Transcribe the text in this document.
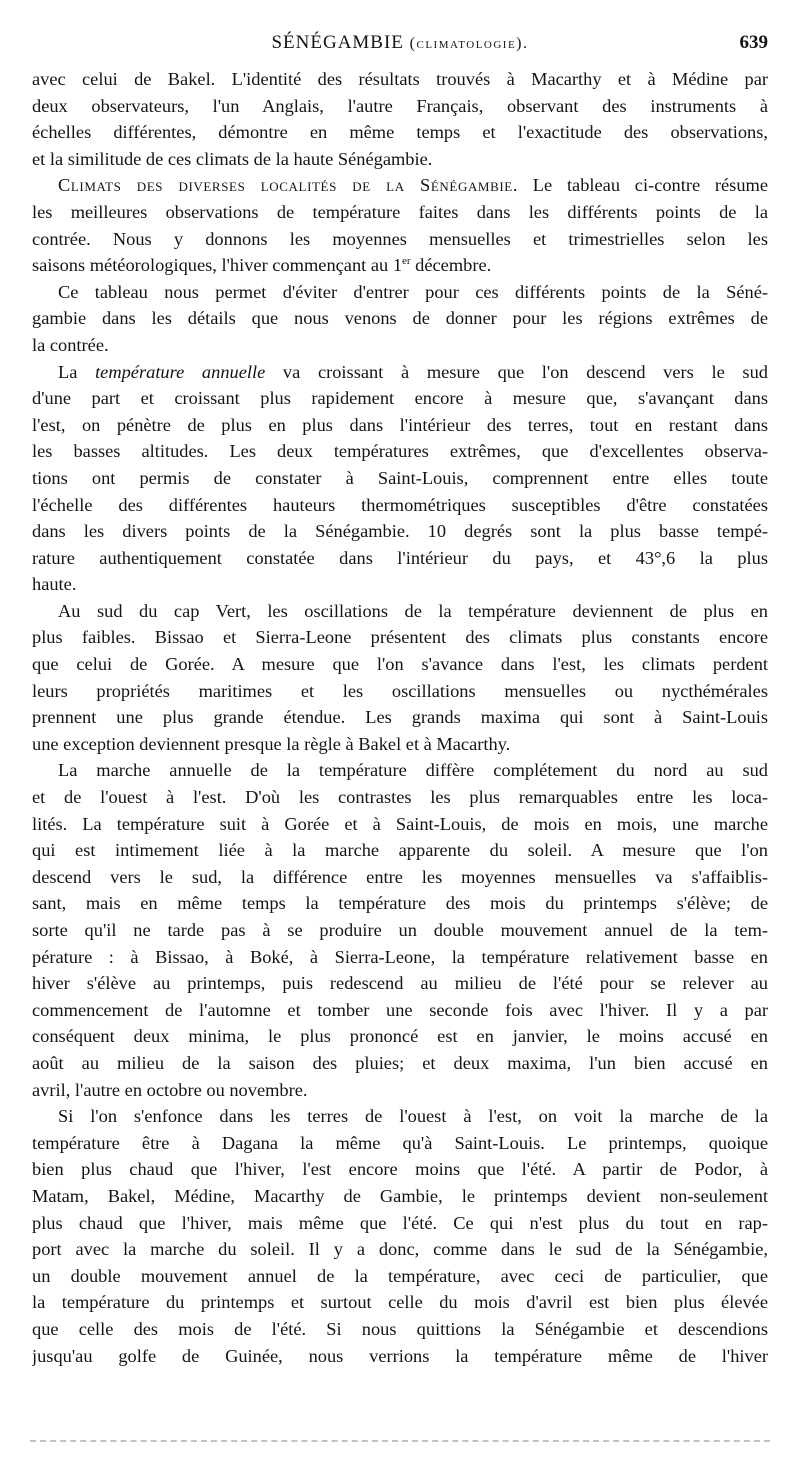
SÉNÉGAMBIE (climatologie).	639
avec celui de Bakel. L'identité des résultats trouvés à Macarthy et à Médine par
deux observateurs, l'un Anglais, l'autre Français, observant des instruments à
échelles différentes, démontre en même temps et l'exactitude des observations,
et la similitude de ces climats de la haute Sénégambie.
Climats des diverses localités de la Sénégambie. Le tableau ci-contre résume
les meilleures observations de température faites dans les différents points de la
contrée. Nous y donnons les moyennes mensuelles et trimestrielles selon les
saisons météorologiques, l'hiver commençant au 1er décembre.
Ce tableau nous permet d'éviter d'entrer pour ces différents points de la Séné-
gambie dans les détails que nous venons de donner pour les régions extrêmes de
la contrée.
La température annuelle va croissant à mesure que l'on descend vers le sud
d'une part et croissant plus rapidement encore à mesure que, s'avançant dans
l'est, on pénètre de plus en plus dans l'intérieur des terres, tout en restant dans
les basses altitudes. Les deux températures extrêmes, que d'excellentes observa-
tions ont permis de constater à Saint-Louis, comprennent entre elles toute
l'échelle des différentes hauteurs thermométriques susceptibles d'être constatées
dans les divers points de la Sénégambie. 10 degrés sont la plus basse tempé-
rature authentiquement constatée dans l'intérieur du pays, et 43°,6 la plus
haute.
Au sud du cap Vert, les oscillations de la température deviennent de plus en
plus faibles. Bissao et Sierra-Leone présentent des climats plus constants encore
que celui de Gorée. A mesure que l'on s'avance dans l'est, les climats perdent
leurs propriétés maritimes et les oscillations mensuelles ou nycthémérales
prennent une plus grande étendue. Les grands maxima qui sont à Saint-Louis
une exception deviennent presque la règle à Bakel et à Macarthy.
La marche annuelle de la température diffère complétement du nord au sud
et de l'ouest à l'est. D'où les contrastes les plus remarquables entre les loca-
lités. La température suit à Gorée et à Saint-Louis, de mois en mois, une marche
qui est intimement liée à la marche apparente du soleil. A mesure que l'on
descend vers le sud, la différence entre les moyennes mensuelles va s'affaiblis-
sant, mais en même temps la température des mois du printemps s'élève; de
sorte qu'il ne tarde pas à se produire un double mouvement annuel de la tem-
pérature : à Bissao, à Boké, à Sierra-Leone, la température relativement basse en
hiver s'élève au printemps, puis redescend au milieu de l'été pour se relever au
commencement de l'automne et tomber une seconde fois avec l'hiver. Il y a par
conséquent deux minima, le plus prononcé est en janvier, le moins accusé en
août au milieu de la saison des pluies; et deux maxima, l'un bien accusé en
avril, l'autre en octobre ou novembre.
Si l'on s'enfonce dans les terres de l'ouest à l'est, on voit la marche de la
température être à Dagana la même qu'à Saint-Louis. Le printemps, quoique
bien plus chaud que l'hiver, l'est encore moins que l'été. A partir de Podor, à
Matam, Bakel, Médine, Macarthy de Gambie, le printemps devient non-seulement
plus chaud que l'hiver, mais même que l'été. Ce qui n'est plus du tout en rap-
port avec la marche du soleil. Il y a donc, comme dans le sud de la Sénégambie,
un double mouvement annuel de la température, avec ceci de particulier, que
la température du printemps et surtout celle du mois d'avril est bien plus élevée
que celle des mois de l'été. Si nous quittions la Sénégambie et descendions
jusqu'au golfe de Guinée, nous verrions la température même de l'hiver
